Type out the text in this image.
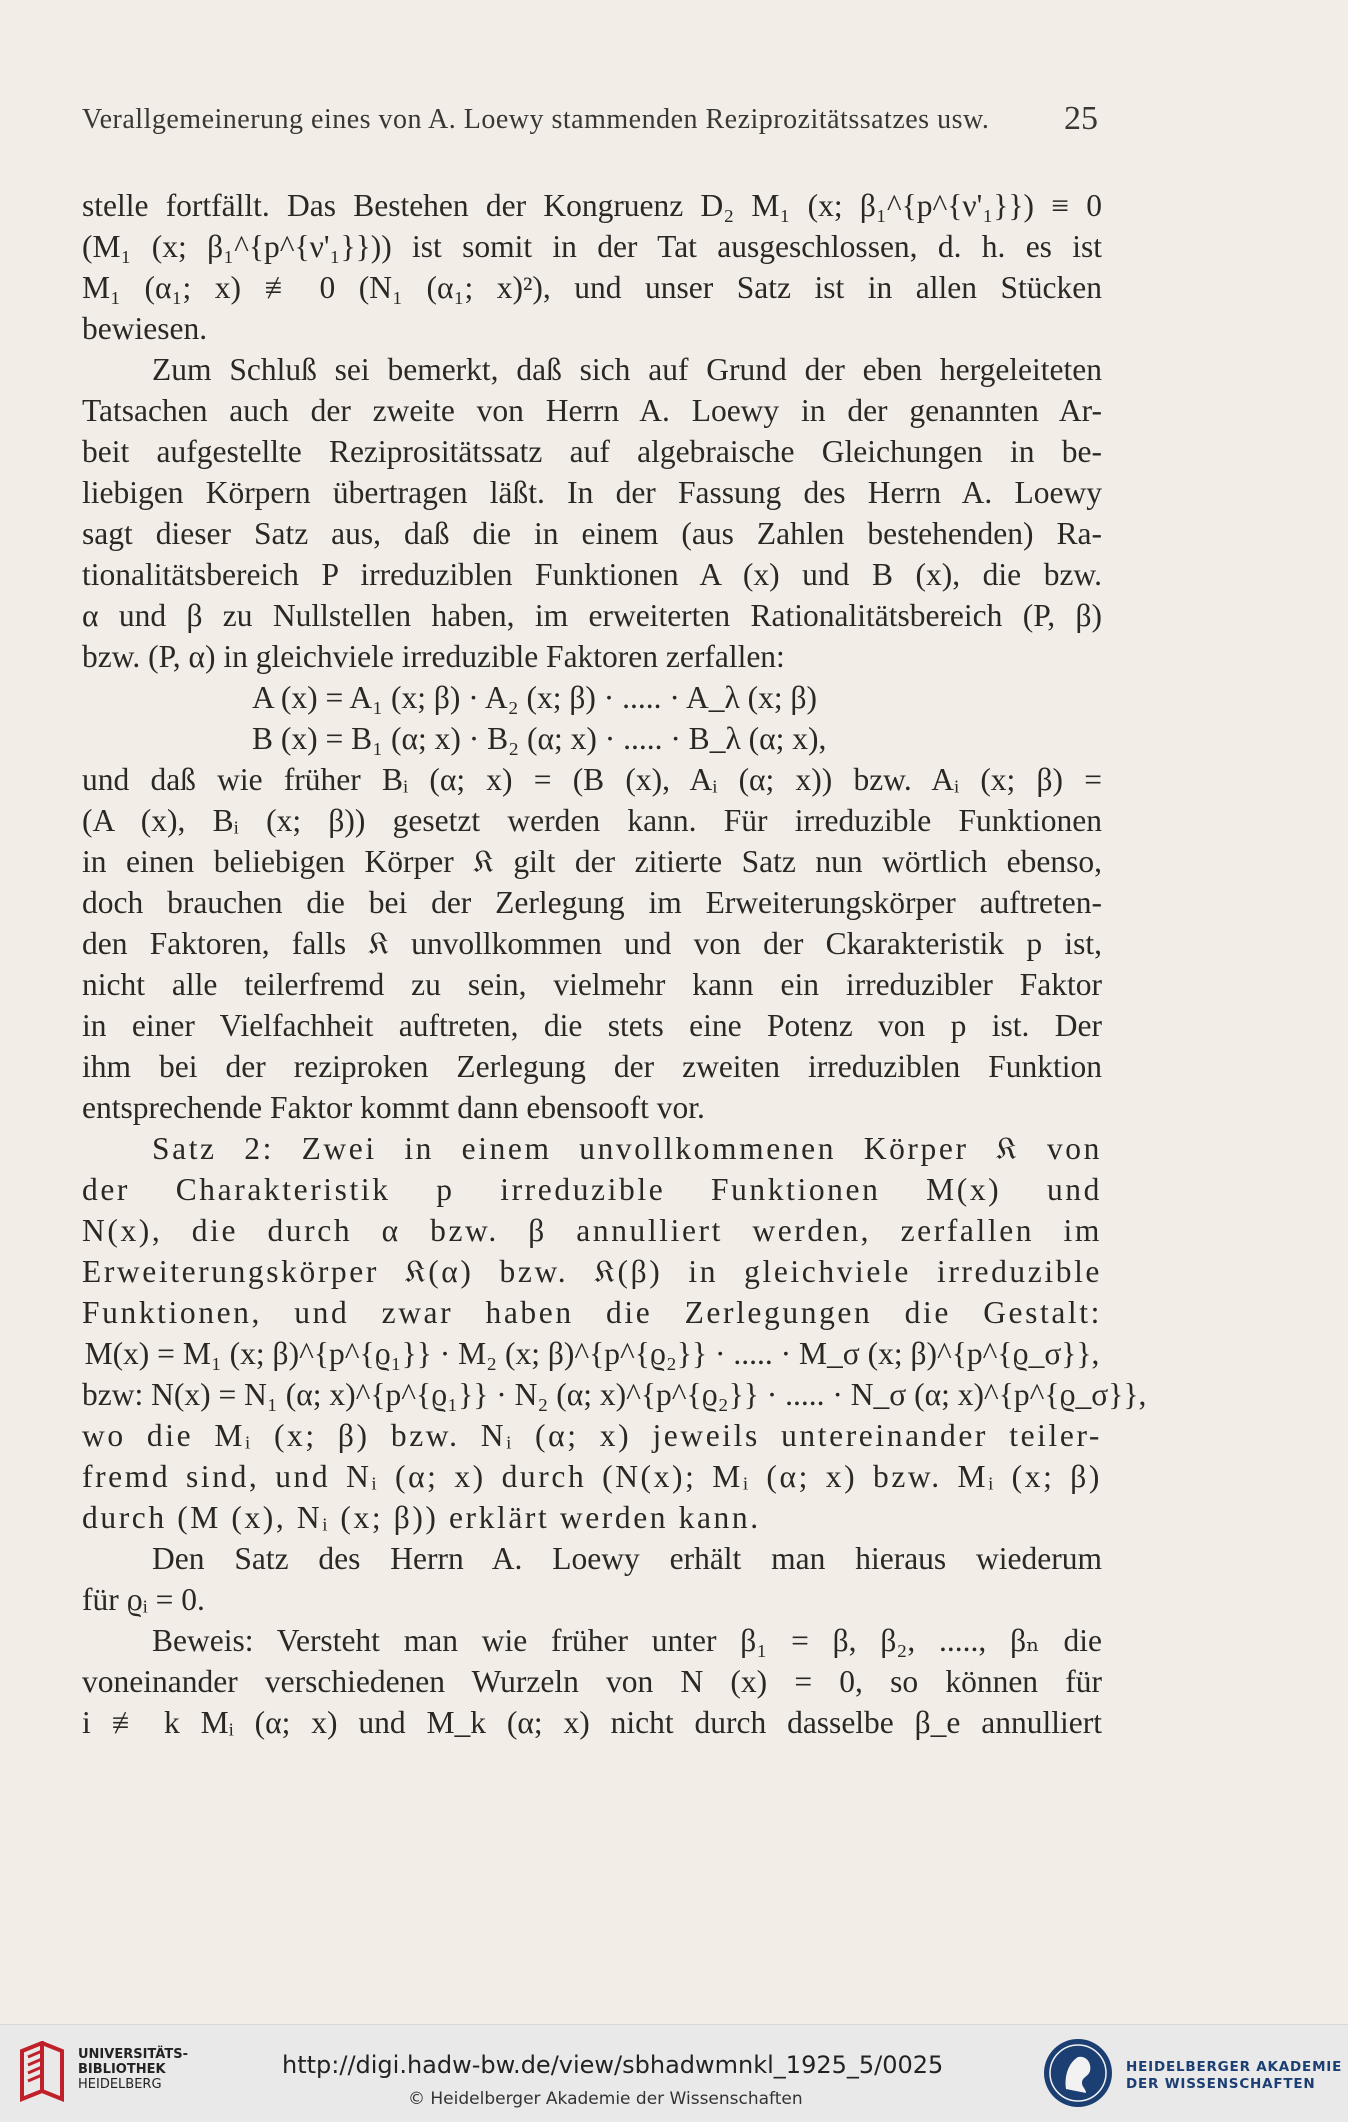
Verallgemeinerung eines von A. Loewy stammenden Reziprozitätssatzes usw.	25
stelle fortfällt. Das Bestehen der Kongruenz D₂ M₁ (x; β₁^{p^{ν'₁}}) ≡ 0
(M₁ (x; β₁^{p^{ν'₁}})) ist somit in der Tat ausgeschlossen, d. h. es ist
M₁ (α₁; x) ≢ 0 (N₁ (α₁; x)²), und unser Satz ist in allen Stücken
bewiesen.
Zum Schluß sei bemerkt, daß sich auf Grund der eben hergeleiteten
Tatsachen auch der zweite von Herrn A. Loewy in der genannten Ar-
beit aufgestellte Reziprositätssatz auf algebraische Gleichungen in be-
liebigen Körpern übertragen läßt. In der Fassung des Herrn A. Loewy
sagt dieser Satz aus, daß die in einem (aus Zahlen bestehenden) Ra-
tionalitätsbereich P irreduziblen Funktionen A (x) und B (x), die bzw.
α und β zu Nullstellen haben, im erweiterten Rationalitätsbereich (P, β)
bzw. (P, α) in gleichviele irreduzible Faktoren zerfallen:
A (x) = A₁ (x; β) · A₂ (x; β) · ..... · A_λ (x; β)
B (x) = B₁ (α; x) · B₂ (α; x) · ..... · B_λ (α; x),
und daß wie früher Bᵢ (α; x) = (B (x), Aᵢ (α; x)) bzw. Aᵢ (x; β) =
(A (x), Bᵢ (x; β)) gesetzt werden kann. Für irreduzible Funktionen
in einen beliebigen Körper 𝔎 gilt der zitierte Satz nun wörtlich ebenso,
doch brauchen die bei der Zerlegung im Erweiterungskörper auftreten-
den Faktoren, falls 𝔎 unvollkommen und von der Ckarakteristik p ist,
nicht alle teilerfremd zu sein, vielmehr kann ein irreduzibler Faktor
in einer Vielfachheit auftreten, die stets eine Potenz von p ist. Der
ihm bei der reziproken Zerlegung der zweiten irreduziblen Funktion
entsprechende Faktor kommt dann ebensooft vor.
Satz 2: Zwei in einem unvollkommenen Körper 𝔎 von
der Charakteristik p irreduzible Funktionen M(x) und
N(x), die durch α bzw. β annulliert werden, zerfallen im
Erweiterungskörper 𝔎(α) bzw. 𝔎(β) in gleichviele irreduzible
Funktionen, und zwar haben die Zerlegungen die Gestalt:
M(x) = M₁ (x; β)^{p^{ϱ₁}} · M₂ (x; β)^{p^{ϱ₂}} · ..... · M_σ (x; β)^{p^{ϱ_σ}},
bzw: N(x) = N₁ (α; x)^{p^{ϱ₁}} · N₂ (α; x)^{p^{ϱ₂}} · ..... · N_σ (α; x)^{p^{ϱ_σ}},
wo die Mᵢ (x; β) bzw. Nᵢ (α; x) jeweils untereinander teiler-
fremd sind, und Nᵢ (α; x) durch (N(x); Mᵢ (α; x) bzw. Mᵢ (x; β)
durch (M (x), Nᵢ (x; β)) erklärt werden kann.
Den Satz des Herrn A. Loewy erhält man hieraus wiederum
für ϱᵢ = 0.
Beweis: Versteht man wie früher unter β₁ = β, β₂, ....., βₙ die
voneinander verschiedenen Wurzeln von N (x) = 0, so können für
i ≢ k Mᵢ (α; x) und M_k (α; x) nicht durch dasselbe β_e annulliert
UNIVERSITÄTS-
BIBLIOTHEK
HEIDELBERG
http://digi.hadw-bw.de/view/sbhadwmnkl_1925_5/0025
© Heidelberger Akademie der Wissenschaften
HEIDELBERGER AKADEMIE
DER WISSENSCHAFTEN
